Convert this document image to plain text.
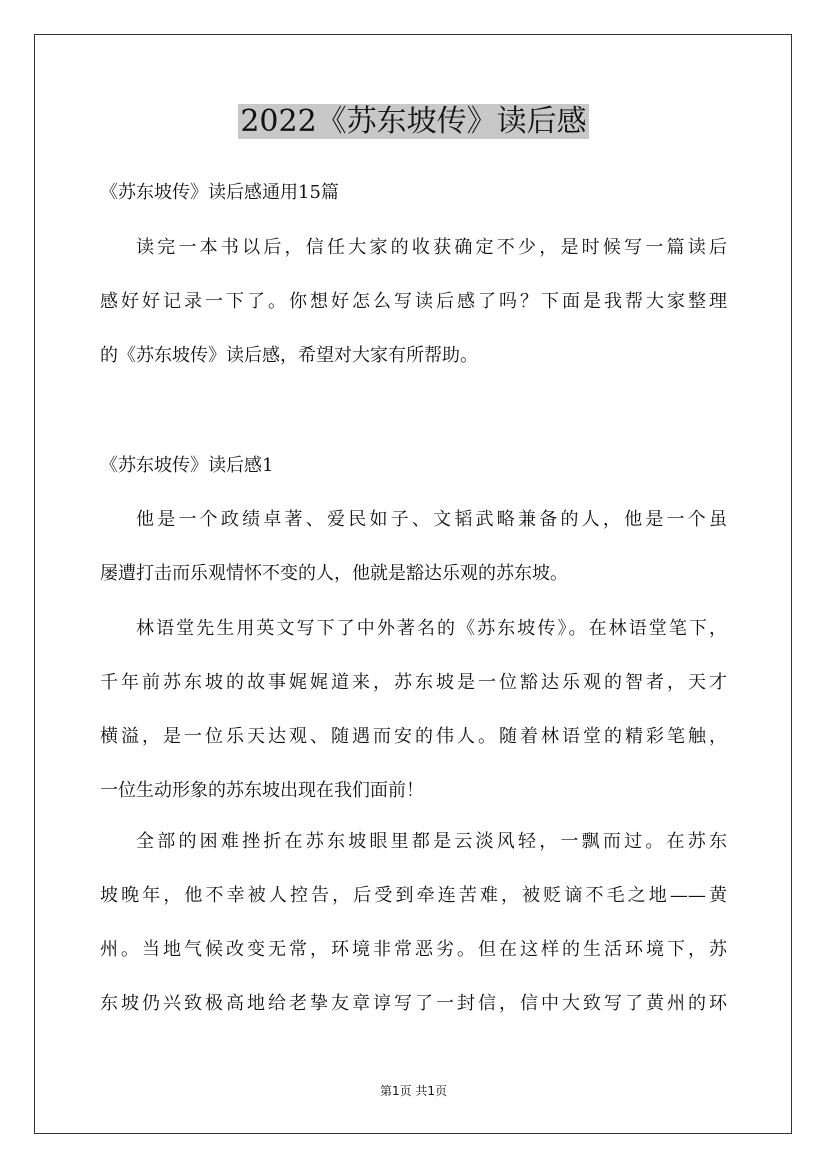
2022《苏东坡传》读后感
《苏东坡传》读后感通用15篇
读完一本书以后，信任大家的收获确定不少，是时候写一篇读后
感好好记录一下了。你想好怎么写读后感了吗？下面是我帮大家整理
的《苏东坡传》读后感，希望对大家有所帮助。
《苏东坡传》读后感1
他是一个政绩卓著、爱民如子、文韬武略兼备的人，他是一个虽
屡遭打击而乐观情怀不变的人，他就是豁达乐观的苏东坡。
林语堂先生用英文写下了中外著名的《苏东坡传》。在林语堂笔下，
千年前苏东坡的故事娓娓道来，苏东坡是一位豁达乐观的智者，天才
横溢，是一位乐天达观、随遇而安的伟人。随着林语堂的精彩笔触，
一位生动形象的苏东坡出现在我们面前！
全部的困难挫折在苏东坡眼里都是云淡风轻，一飘而过。在苏东
坡晚年，他不幸被人控告，后受到牵连苦难，被贬谪不毛之地——黄
州。当地气候改变无常，环境非常恶劣。但在这样的生活环境下，苏
东坡仍兴致极高地给老挚友章谆写了一封信，信中大致写了黄州的环
第1页 共1页
